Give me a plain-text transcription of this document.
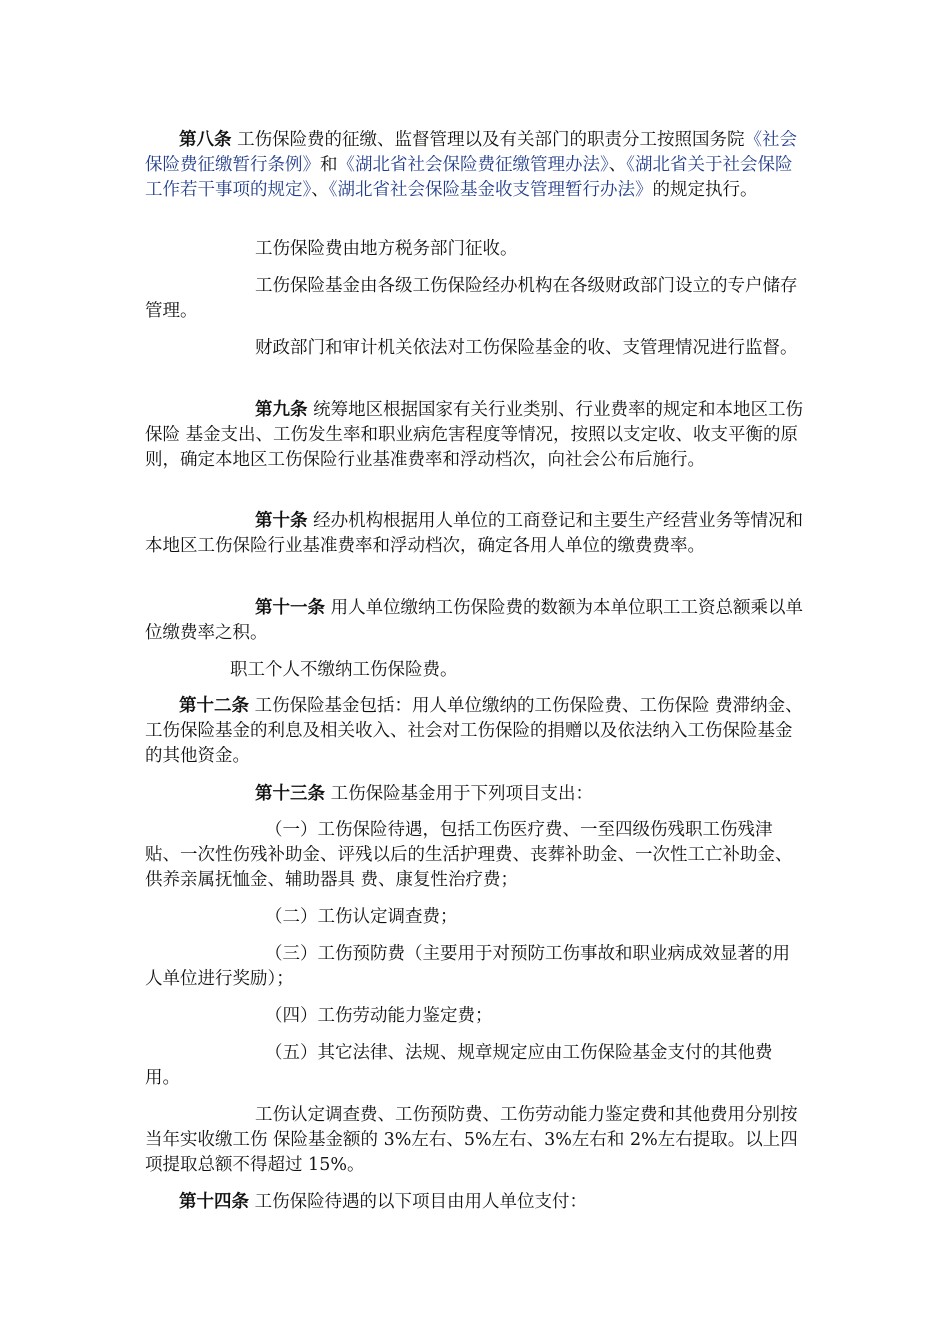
第八条 工伤保险费的征缴、监督管理以及有关部门的职责分工按照国务院《社会保险费征缴暂行条例》和《湖北省社会保险费征缴管理办法》、《湖北省关于社会保险工作若干事项的规定》、《湖北省社会保险基金收支管理暂行办法》的规定执行。

工伤保险费由地方税务部门征收。

工伤保险基金由各级工伤保险经办机构在各级财政部门设立的专户储存管理。

财政部门和审计机关依法对工伤保险基金的收、支管理情况进行监督。

第九条 统筹地区根据国家有关行业类别、行业费率的规定和本地区工伤保险 基金支出、工伤发生率和职业病危害程度等情况，按照以支定收、收支平衡的原则，确定本地区工伤保险行业基准费率和浮动档次，向社会公布后施行。

第十条 经办机构根据用人单位的工商登记和主要生产经营业务等情况和本地区工伤保险行业基准费率和浮动档次，确定各用人单位的缴费费率。

第十一条 用人单位缴纳工伤保险费的数额为本单位职工工资总额乘以单位缴费率之积。

职工个人不缴纳工伤保险费。

第十二条 工伤保险基金包括：用人单位缴纳的工伤保险费、工伤保险 费滞纳金、工伤保险基金的利息及相关收入、社会对工伤保险的捐赠以及依法纳入工伤保险基金的其他资金。

第十三条 工伤保险基金用于下列项目支出：

（一）工伤保险待遇，包括工伤医疗费、一至四级伤残职工伤残津贴、一次性伤残补助金、评残以后的生活护理费、丧葬补助金、一次性工亡补助金、供养亲属抚恤金、辅助器具 费、康复性治疗费；

（二）工伤认定调查费；

（三）工伤预防费（主要用于对预防工伤事故和职业病成效显著的用人单位进行奖励）；

（四）工伤劳动能力鉴定费；

（五）其它法律、法规、规章规定应由工伤保险基金支付的其他费用。

工伤认定调查费、工伤预防费、工伤劳动能力鉴定费和其他费用分别按当年实收缴工伤 保险基金额的 3%左右、5%左右、3%左右和 2%左右提取。以上四项提取总额不得超过 15%。

第十四条 工伤保险待遇的以下项目由用人单位支付：
